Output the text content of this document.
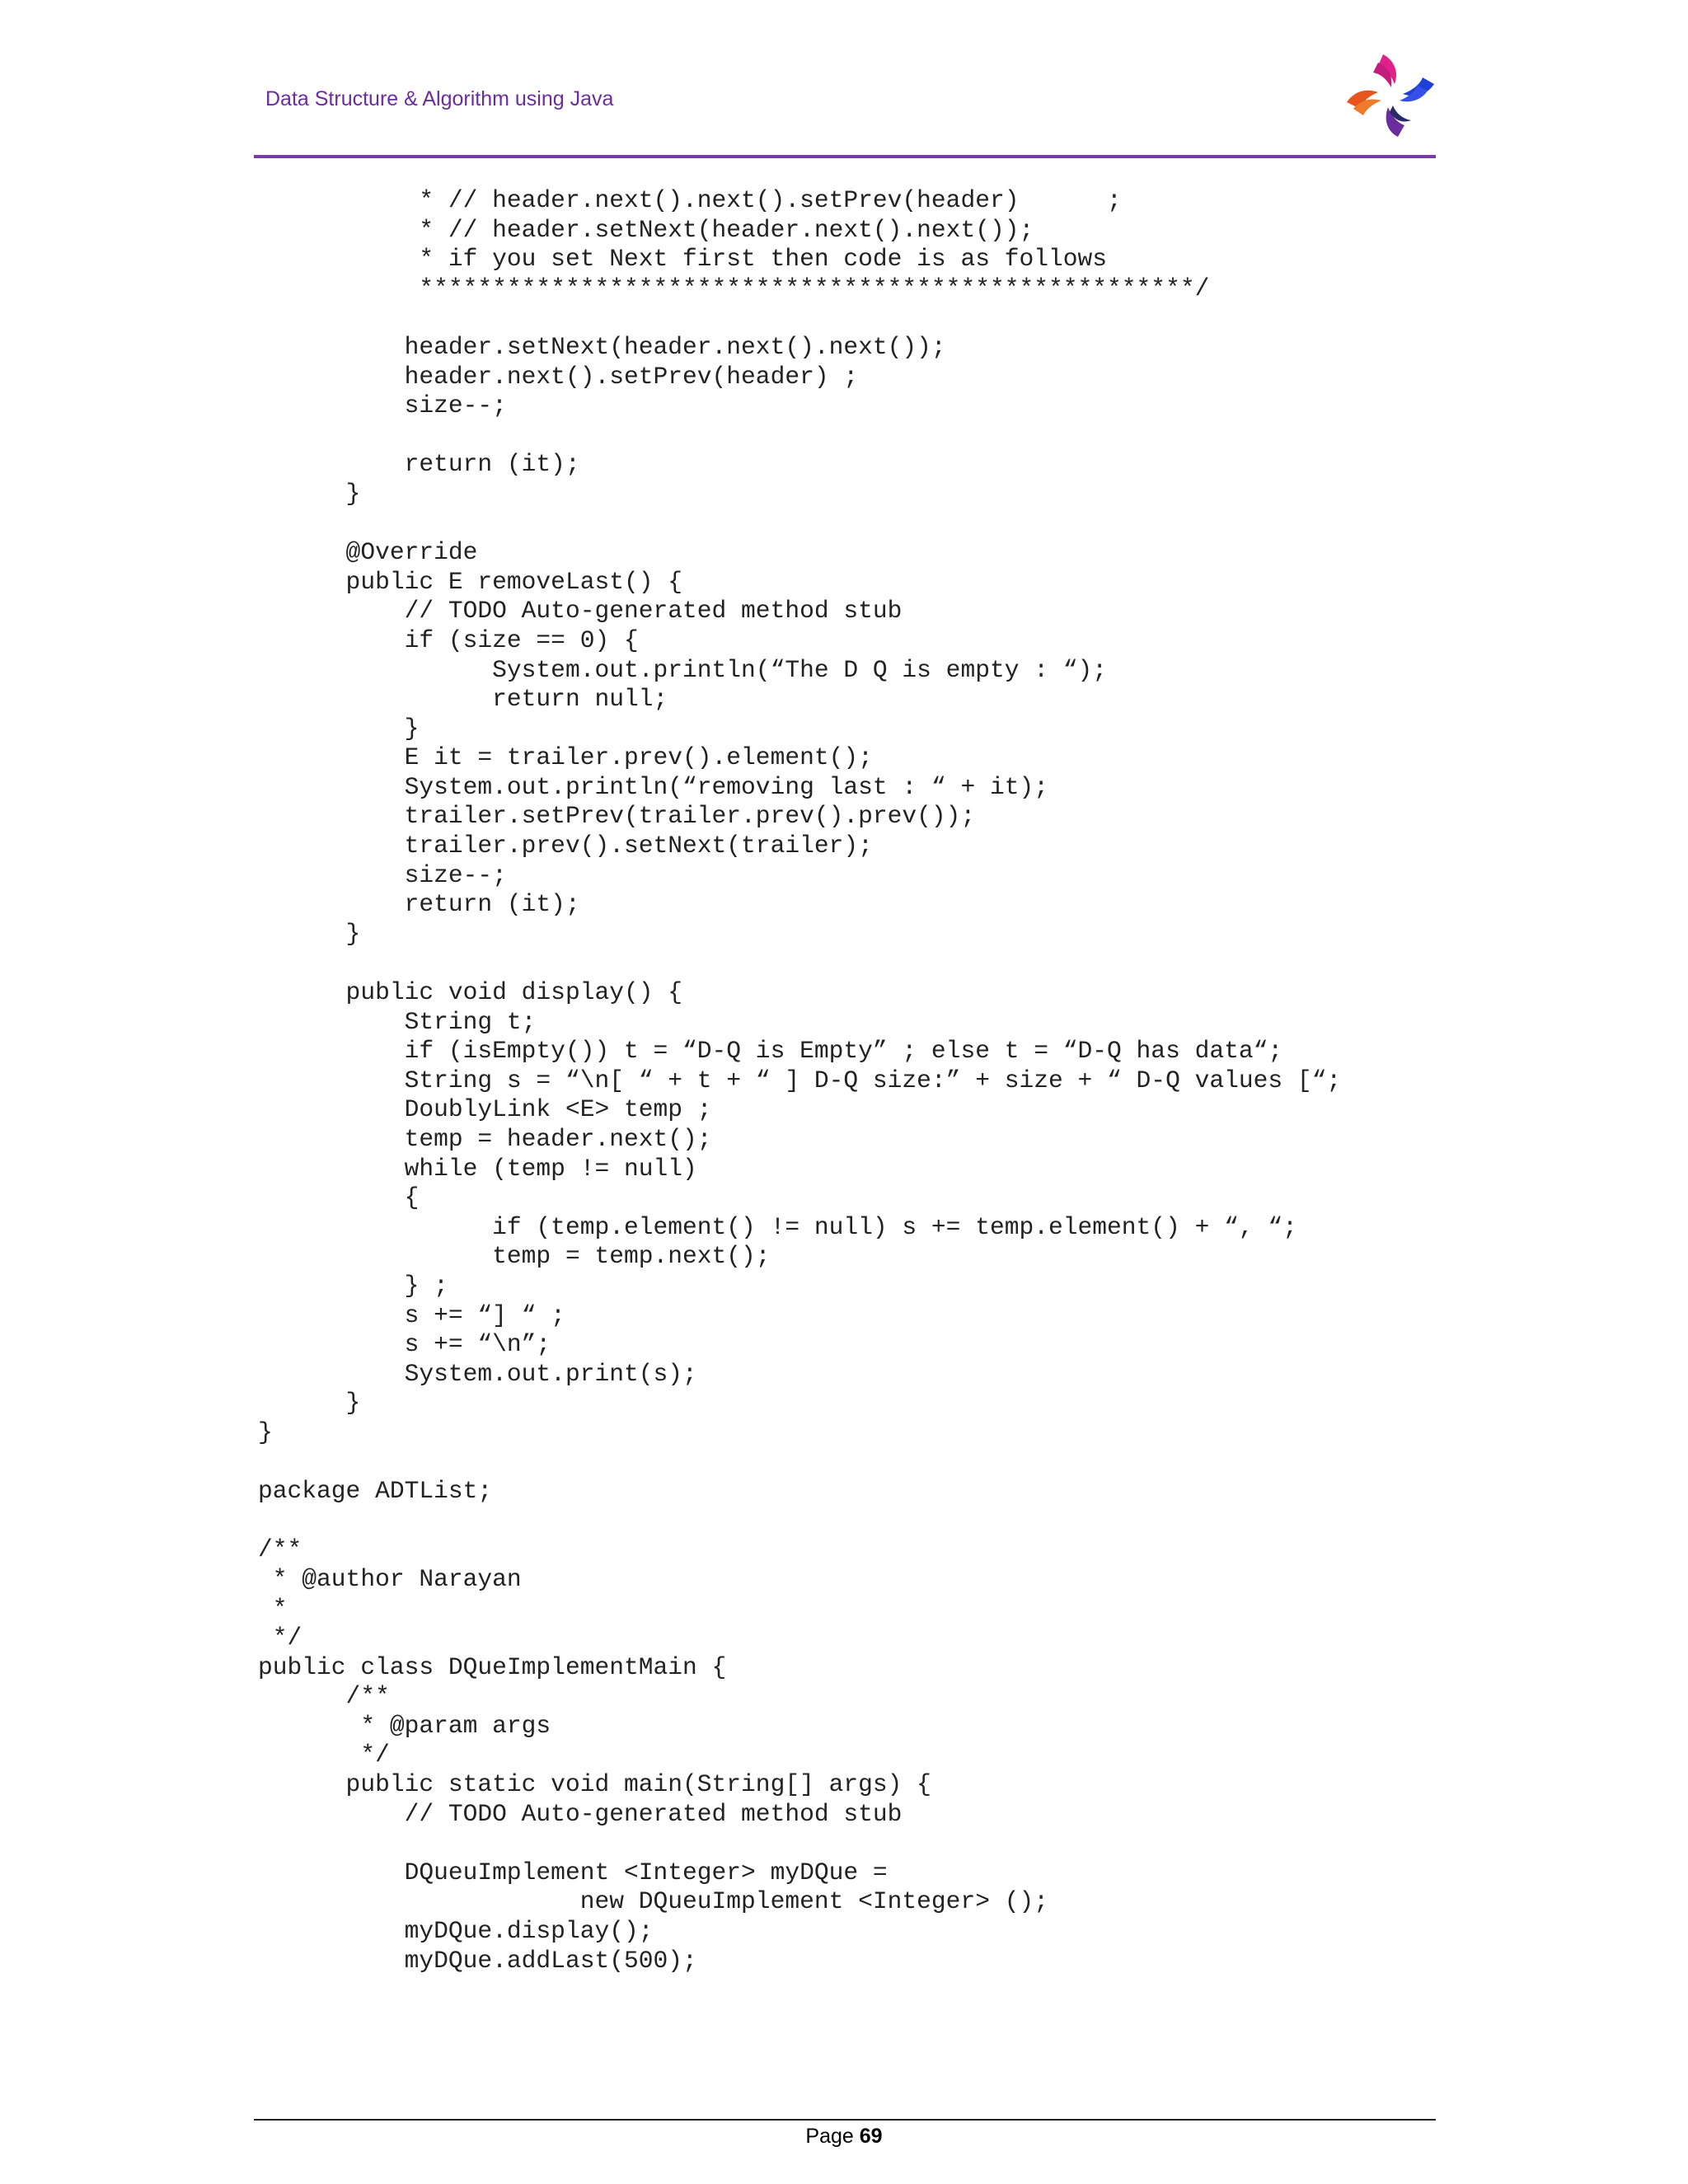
Data Structure & Algorithm using Java
* // header.next().next().setPrev(header)      ;
* // header.setNext(header.next().next());
* if you set Next first then code is as follows
*****************************************************/

header.setNext(header.next().next());
header.next().setPrev(header) ;
size--;

return (it);
}

@Override
public E removeLast() {
// TODO Auto-generated method stub
if (size == 0) {
System.out.println(“The D Q is empty : “);
return null;
}
E it = trailer.prev().element();
System.out.println(“removing last : “ + it);
trailer.setPrev(trailer.prev().prev());
trailer.prev().setNext(trailer);
size--;
return (it);
}

public void display() {
String t;
if (isEmpty()) t = “D-Q is Empty” ; else t = “D-Q has data“;
String s = “\n[ “ + t + “ ] D-Q size:” + size + “ D-Q values [“;
DoublyLink <E> temp ;
temp = header.next();
while (temp != null)
{
if (temp.element() != null) s += temp.element() + “, “;
temp = temp.next();
} ;
s += “] “ ;
s += “\n”;
System.out.print(s);
}
}

package ADTList;

/**
* @author Narayan
*
*/
public class DQueImplementMain {
/**
* @param args
*/
public static void main(String[] args) {
// TODO Auto-generated method stub

DQueuImplement <Integer> myDQue =
new DQueuImplement <Integer> ();
myDQue.display();
myDQue.addLast(500);
Page 69
